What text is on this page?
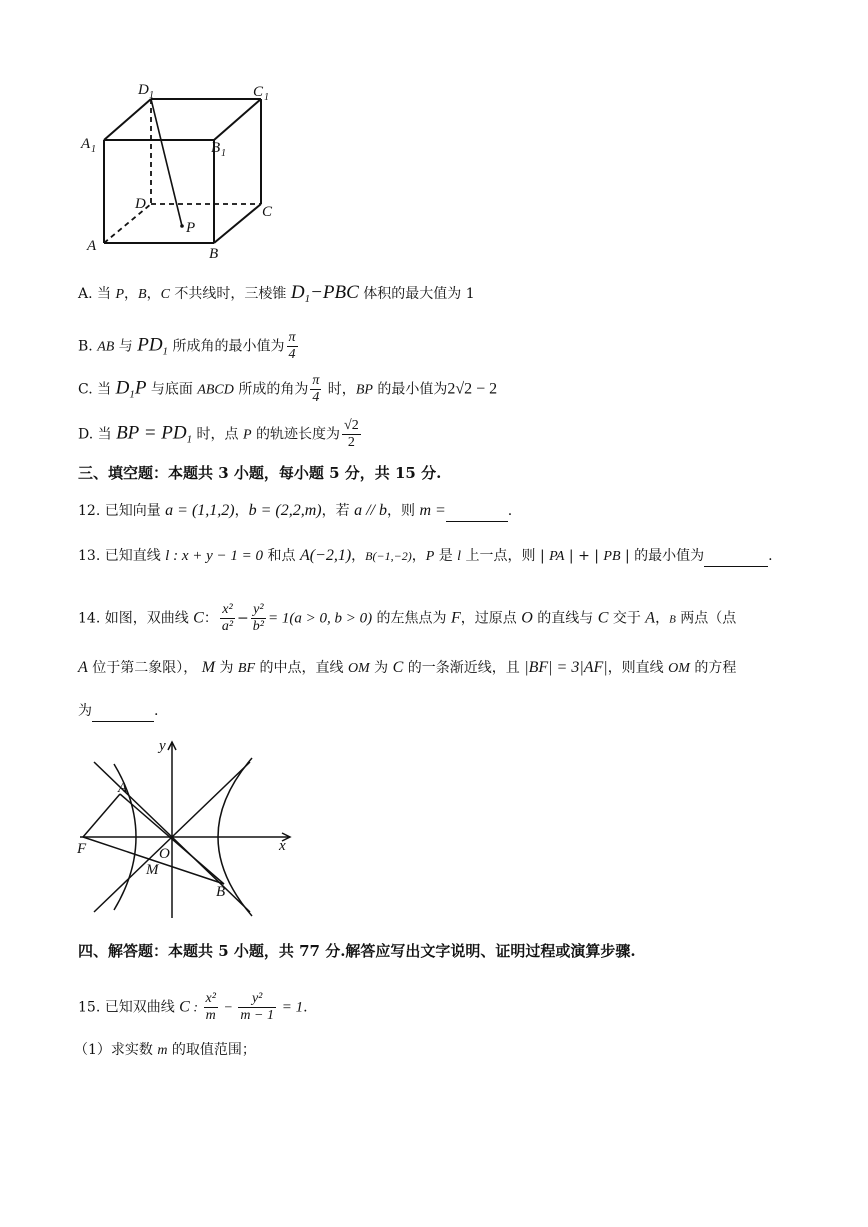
D 1	C 1
A 1	B 1
D	C
A	B
P
A. 当 P，B，C 不共线时，三棱锥 $D_1-PBC$ 体积的最大值为 1
B. AB 与 $PD_1$ 所成角的最小值为 $\frac{\pi}{4}$
C. 当 $D_1P$ 与底面 ABCD 所成的角为 $\frac{\pi}{4}$ 时，BP 的最小值为2√2 − 2
D. 当 BP = $PD_1$ 时，点 P 的轨迹长度为 $\frac{√2}{2}$
三、填空题：本题共 3 小题，每小题 5 分，共 15 分.
12. 已知向量 a = (1,1,2)，b = (2,2,m)，若 a // b，则 m =	.
13. 已知直线 l : x + y − 1 = 0 和点 A(−2,1)，B(−1,−2)，P 是 l 上一点，则 | PA | + | PB | 的最小值为	.
14. 如图，双曲线 C： $\frac{\text{x²}}{\text{a²}} - \frac{\text{y²}}{\text{b²}} = 1(a > 0$, b > 0) 的左焦点为 F，过原点 O 的直线与 C 交于 A，B 两点（点
A 位于第二象限）， M 为 BF 的中点，直线 OM 为 C 的一条渐近线，且 |BF| = 3|AF|，则直线 OM 的方程
为	.
y
x
A
F	O
M
B
四、解答题：本题共 5 小题，共 77 分.解答应写出文字说明、证明过程或演算步骤.
15. 已知双曲线 C : $\frac{\text{x²}}{m} - \frac{\text{y²}}{m - 1} = 1$.
（1）求实数 m 的取值范围；
